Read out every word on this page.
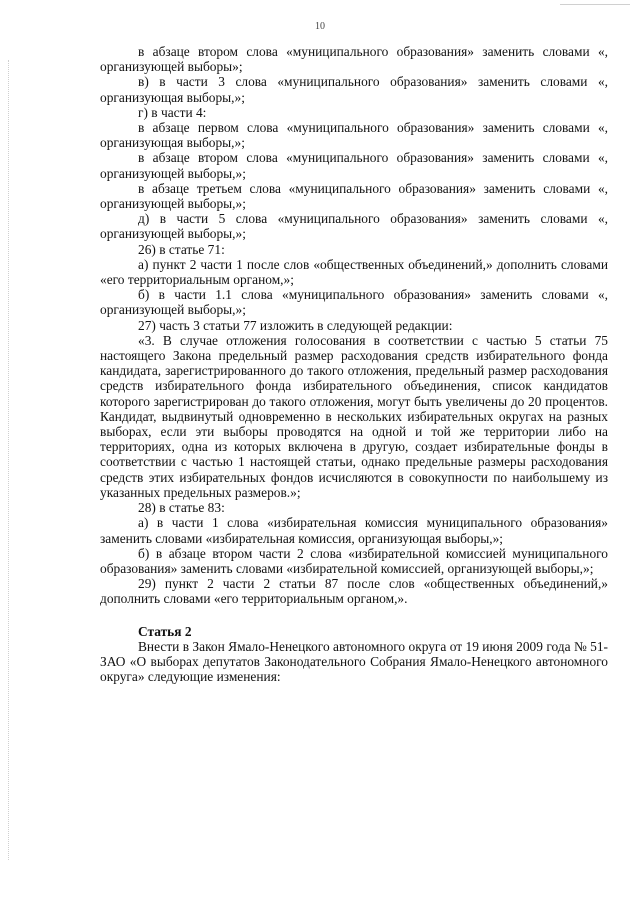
10

в абзаце втором слова «муниципального образования» заменить словами «, организующей выборы»;

в) в части 3 слова «муниципального образования» заменить словами «, организующая выборы,»;

г) в части 4:

в абзаце первом слова «муниципального образования» заменить словами «, организующая выборы,»;

в абзаце втором слова «муниципального образования» заменить словами «, организующей выборы,»;

в абзаце третьем слова «муниципального образования» заменить словами «, организующей выборы,»;

д) в части 5 слова «муниципального образования» заменить словами «, организующей выборы,»;

26) в статье 71:

а) пункт 2 части 1 после слов «общественных объединений,» дополнить словами «его территориальным органом,»;

б) в части 1.1 слова «муниципального образования» заменить словами «, организующей выборы,»;

27) часть 3 статьи 77 изложить в следующей редакции:

«3. В случае отложения голосования в соответствии с частью 5 статьи 75 настоящего Закона предельный размер расходования средств избирательного фонда кандидата, зарегистрированного до такого отложения, предельный размер расходования средств избирательного фонда избирательного объединения, список кандидатов которого зарегистрирован до такого отложения, могут быть увеличены до 20 процентов. Кандидат, выдвинутый одновременно в нескольких избирательных округах на разных выборах, если эти выборы проводятся на одной и той же территории либо на территориях, одна из которых включена в другую, создает избирательные фонды в соответствии с частью 1 настоящей статьи, однако предельные размеры расходования средств этих избирательных фондов исчисляются в совокупности по наибольшему из указанных предельных размеров.»;

28) в статье 83:

а) в части 1 слова «избирательная комиссия муниципального образования» заменить словами «избирательная комиссия, организующая выборы,»;

б) в абзаце втором части 2 слова «избирательной комиссией муниципального образования» заменить словами «избирательной комиссией, организующей выборы,»;

29) пункт 2 части 2 статьи 87 после слов «общественных объединений,» дополнить словами «его территориальным органом,».

Статья 2

Внести в Закон Ямало-Ненецкого автономного округа от 19 июня 2009 года № 51-ЗАО «О выборах депутатов Законодательного Собрания Ямало-Ненецкого автономного округа» следующие изменения:
